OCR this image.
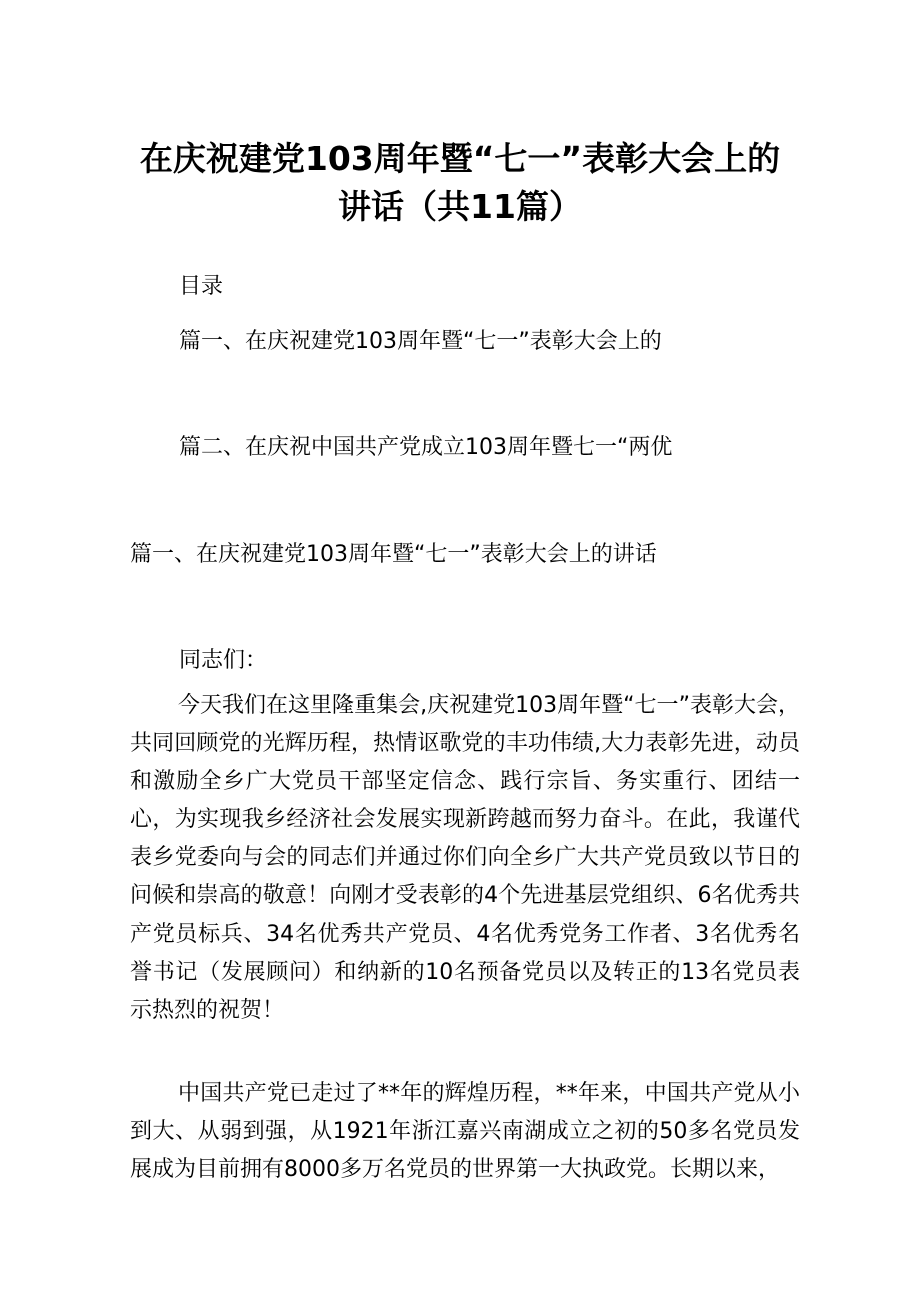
在庆祝建党103周年暨“七一”表彰大会上的
讲话（共11篇）
目录
篇一、在庆祝建党103周年暨“七一”表彰大会上的
篇二、在庆祝中国共产党成立103周年暨七一“两优
篇一、在庆祝建党103周年暨“七一”表彰大会上的讲话
同志们：

今天我们在这里隆重集会,庆祝建党103周年暨“七一”表彰大会，共同回顾党的光辉历程，热情讴歌党的丰功伟绩,大力表彰先进，动员和激励全乡广大党员干部坚定信念、践行宗旨、务实重行、团结一心，为实现我乡经济社会发展实现新跨越而努力奋斗。在此，我谨代表乡党委向与会的同志们并通过你们向全乡广大共产党员致以节日的问候和崇高的敬意！向刚才受表彰的4个先进基层党组织、6名优秀共产党员标兵、34名优秀共产党员、4名优秀党务工作者、3名优秀名誉书记（发展顾问）和纳新的10名预备党员以及转正的13名党员表示热烈的祝贺！

中国共产党已走过了**年的辉煌历程，**年来，中国共产党从小到大、从弱到强，从1921年浙江嘉兴南湖成立之初的50多名党员发展成为目前拥有8000多万名党员的世界第一大执政党。长期以来，
